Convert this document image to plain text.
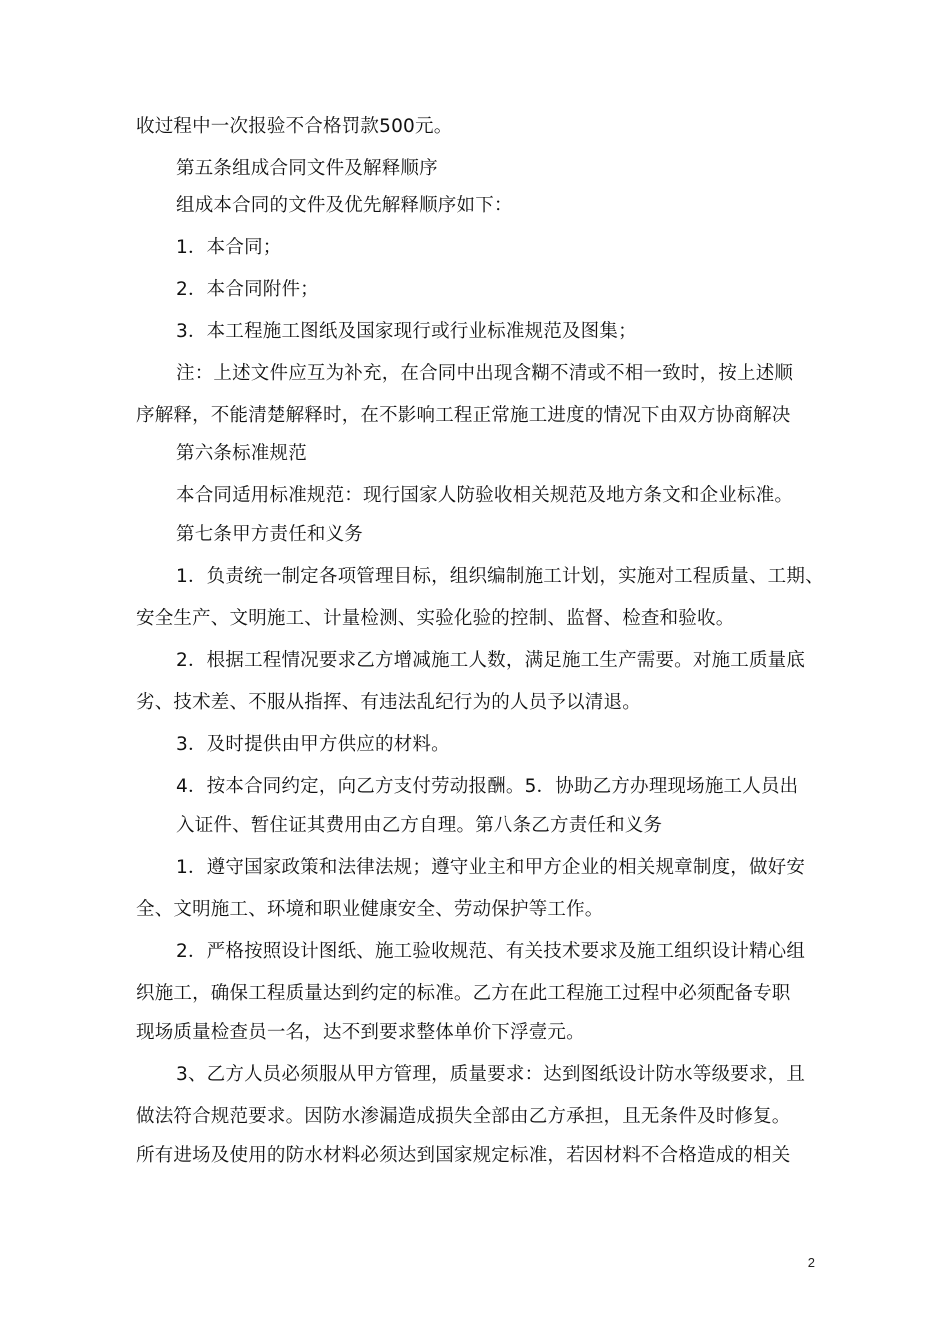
收过程中一次报验不合格罚款500元。
第五条组成合同文件及解释顺序
组成本合同的文件及优先解释顺序如下：
1．本合同；
2．本合同附件；
3．本工程施工图纸及国家现行或行业标准规范及图集；
注：上述文件应互为补充，在合同中出现含糊不清或不相一致时，按上述顺
序解释，不能清楚解释时，在不影响工程正常施工进度的情况下由双方协商解决
第六条标准规范
本合同适用标准规范：现行国家人防验收相关规范及地方条文和企业标准。
第七条甲方责任和义务
1．负责统一制定各项管理目标，组织编制施工计划，实施对工程质量、工期、
安全生产、文明施工、计量检测、实验化验的控制、监督、检查和验收。
2．根据工程情况要求乙方增减施工人数，满足施工生产需要。对施工质量底
劣、技术差、不服从指挥、有违法乱纪行为的人员予以清退。
3．及时提供由甲方供应的材料。
4．按本合同约定，向乙方支付劳动报酬。5．协助乙方办理现场施工人员出
入证件、暂住证其费用由乙方自理。第八条乙方责任和义务
1．遵守国家政策和法律法规；遵守业主和甲方企业的相关规章制度，做好安
全、文明施工、环境和职业健康安全、劳动保护等工作。
2．严格按照设计图纸、施工验收规范、有关技术要求及施工组织设计精心组
织施工，确保工程质量达到约定的标准。乙方在此工程施工过程中必须配备专职
现场质量检查员一名，达不到要求整体单价下浮壹元。
3、乙方人员必须服从甲方管理，质量要求：达到图纸设计防水等级要求，且
做法符合规范要求。因防水渗漏造成损失全部由乙方承担，且无条件及时修复。
所有进场及使用的防水材料必须达到国家规定标准，若因材料不合格造成的相关
2
